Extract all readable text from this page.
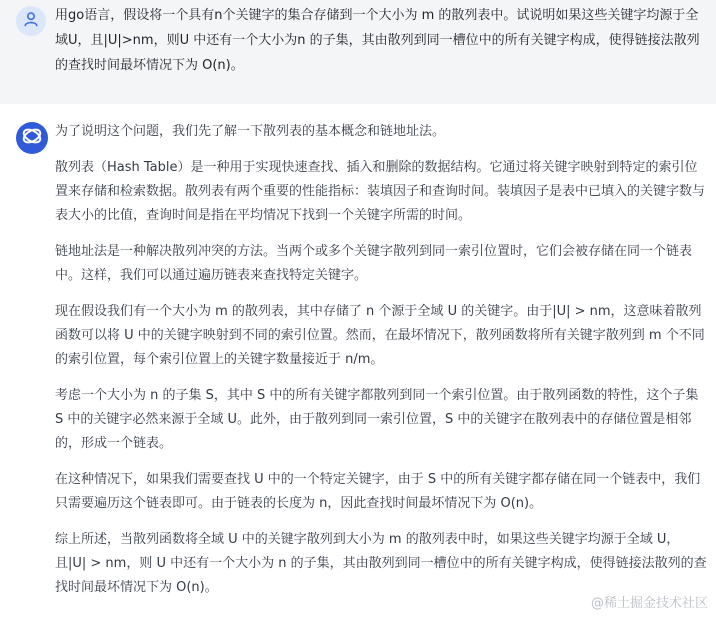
用go语言，假设将一个具有n个关键字的集合存储到一个大小为 m 的散列表中。试说明如果这些关键字均源于全域U，且|U|>nm，则U 中还有一个大小为n 的子集，其由散列到同一槽位中的所有关键字构成，使得链接法散列的查找时间最坏情况下为 O(n)。

为了说明这个问题，我们先了解一下散列表的基本概念和链地址法。

散列表（Hash Table）是一种用于实现快速查找、插入和删除的数据结构。它通过将关键字映射到特定的索引位置来存储和检索数据。散列表有两个重要的性能指标：装填因子和查询时间。装填因子是表中已填入的关键字数与表大小的比值，查询时间是指在平均情况下找到一个关键字所需的时间。

链地址法是一种解决散列冲突的方法。当两个或多个关键字散列到同一索引位置时，它们会被存储在同一个链表中。这样，我们可以通过遍历链表来查找特定关键字。

现在假设我们有一个大小为 m 的散列表，其中存储了 n 个源于全域 U 的关键字。由于|U| > nm，这意味着散列函数可以将 U 中的关键字映射到不同的索引位置。然而，在最坏情况下，散列函数将所有关键字散列到 m 个不同的索引位置，每个索引位置上的关键字数量接近于 n/m。

考虑一个大小为 n 的子集 S，其中 S 中的所有关键字都散列到同一个索引位置。由于散列函数的特性，这个子集 S 中的关键字必然来源于全域 U。此外，由于散列到同一索引位置，S 中的关键字在散列表中的存储位置是相邻的，形成一个链表。

在这种情况下，如果我们需要查找 U 中的一个特定关键字，由于 S 中的所有关键字都存储在同一个链表中，我们只需要遍历这个链表即可。由于链表的长度为 n，因此查找时间最坏情况下为 O(n)。

综上所述，当散列函数将全域 U 中的关键字散列到大小为 m 的散列表中时，如果这些关键字均源于全域 U，且|U| > nm，则 U 中还有一个大小为 n 的子集，其由散列到同一槽位中的所有关键字构成，使得链接法散列的查找时间最坏情况下为 O(n)。

@稀土掘金技术社区
